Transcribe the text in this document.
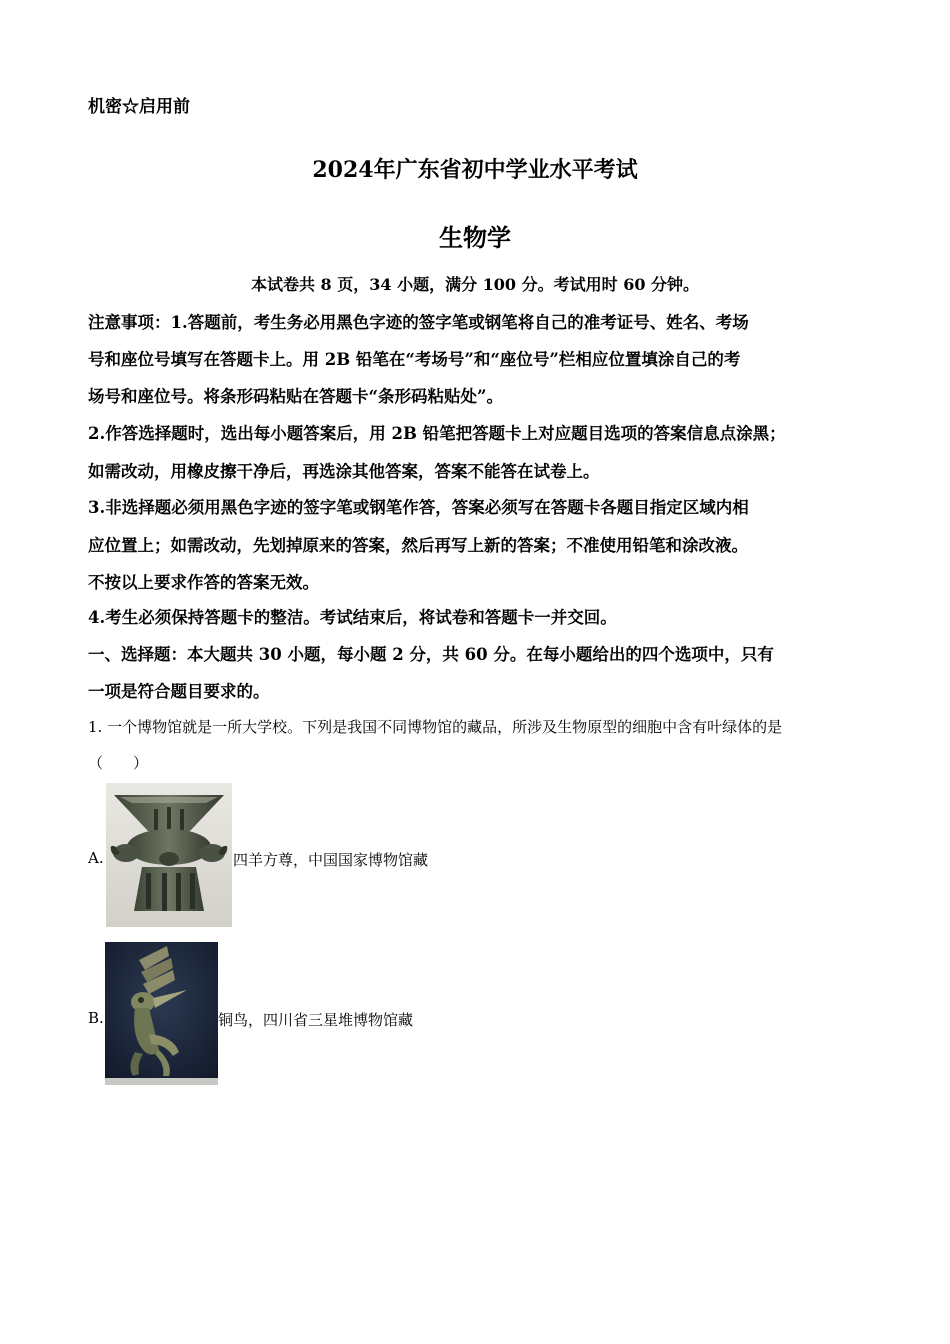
机密☆启用前
2024年广东省初中学业水平考试
生物学
本试卷共 8 页，34 小题，满分 100 分。考试用时 60 分钟。
注意事项：1.答题前，考生务必用黑色字迹的签字笔或钢笔将自己的准考证号、姓名、考场
号和座位号填写在答题卡上。用 2B 铅笔在“考场号”和“座位号”栏相应位置填涂自己的考
场号和座位号。将条形码粘贴在答题卡“条形码粘贴处”。
2.作答选择题时，选出每小题答案后，用 2B 铅笔把答题卡上对应题目选项的答案信息点涂黑；
如需改动，用橡皮擦干净后，再选涂其他答案，答案不能答在试卷上。
3.非选择题必须用黑色字迹的签字笔或钢笔作答，答案必须写在答题卡各题目指定区域内相
应位置上；如需改动，先划掉原来的答案，然后再写上新的答案；不准使用铅笔和涂改液。
不按以上要求作答的答案无效。
4.考生必须保持答题卡的整洁。考试结束后，将试卷和答题卡一并交回。
一、选择题：本大题共 30 小题，每小题 2 分，共 60 分。在每小题给出的四个选项中，只有
一项是符合题目要求的。
1. 一个博物馆就是一所大学校。下列是我国不同博物馆的藏品，所涉及生物原型的细胞中含有叶绿体的是
（　　）
A.	四羊方尊，中国国家博物馆藏
B.	铜鸟，四川省三星堆博物馆藏
